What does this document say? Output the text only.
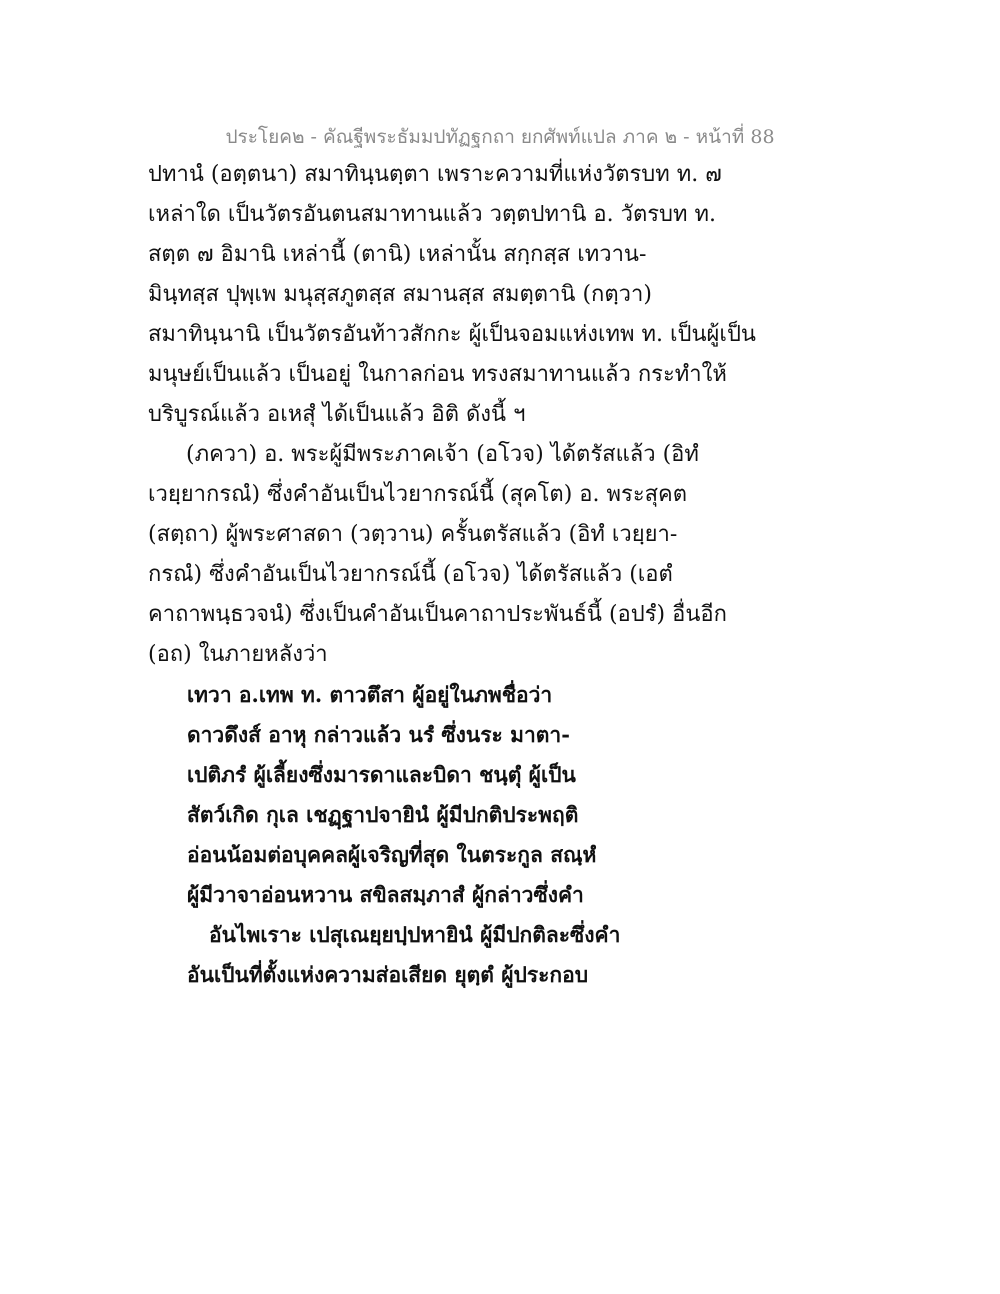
ประโยค๒ - คัณฐีพระธัมมปทัฏฐกถา ยกศัพท์แปล ภาค ๒ - หน้าที่ 88
ปทานํ (อตฺตนา) สมาทินฺนตฺตา เพราะความที่แห่งวัตรบท ท. ๗
เหล่าใด เป็นวัตรอันตนสมาทานแล้ว วตฺตปทานิ อ. วัตรบท ท.
สตฺต ๗ อิมานิ เหล่านี้ (ตานิ) เหล่านั้น สกฺกสฺส เทวาน-
มินฺทสฺส ปุพฺเพ มนุสฺสภูตสฺส สมานสฺส สมตฺตานิ (กตฺวา)
สมาทินฺนานิ เป็นวัตรอันท้าวสักกะ ผู้เป็นจอมแห่งเทพ ท. เป็นผู้เป็น
มนุษย์เป็นแล้ว เป็นอยู่ ในกาลก่อน ทรงสมาทานแล้ว กระทำให้
บริบูรณ์แล้ว อเหสุํ ได้เป็นแล้ว อิติ ดังนี้ ฯ
(ภควา) อ. พระผู้มีพระภาคเจ้า (อโวจ) ได้ตรัสแล้ว (อิทํ
เวยฺยากรณํ) ซึ่งคำอันเป็นไวยากรณ์นี้ (สุคโต) อ. พระสุคต
(สตฺถา) ผู้พระศาสดา (วตฺวาน) ครั้นตรัสแล้ว (อิทํ เวยฺยา-
กรณํ) ซึ่งคำอันเป็นไวยากรณ์นี้ (อโวจ) ได้ตรัสแล้ว (เอตํ
คาถาพนฺธวจนํ) ซึ่งเป็นคำอันเป็นคาถาประพันธ์นี้ (อปรํ) อื่นอีก
(อถ) ในภายหลังว่า
เทวา อ.เทพ ท. ตาวตึสา ผู้อยู่ในภพชื่อว่า
ดาวดึงส์ อาหุ กล่าวแล้ว นรํ ซึ่งนระ มาตา-
เปติภรํ ผู้เลี้ยงซึ่งมารดาและบิดา ชนฺตุํ ผู้เป็น
สัตว์เกิด กุเล เชฏฺฐาปจายินํ ผู้มีปกติประพฤติ
อ่อนน้อมต่อบุคคลผู้เจริญที่สุด ในตระกูล สณฺหํ
ผู้มีวาจาอ่อนหวาน สขิลสมฺภาสํ ผู้กล่าวซึ่งคำ
อันไพเราะ เปสุเณยฺยปฺปหายินํ ผู้มีปกติละซึ่งคำ
อันเป็นที่ตั้งแห่งความส่อเสียด ยุตฺตํ ผู้ประกอบ
